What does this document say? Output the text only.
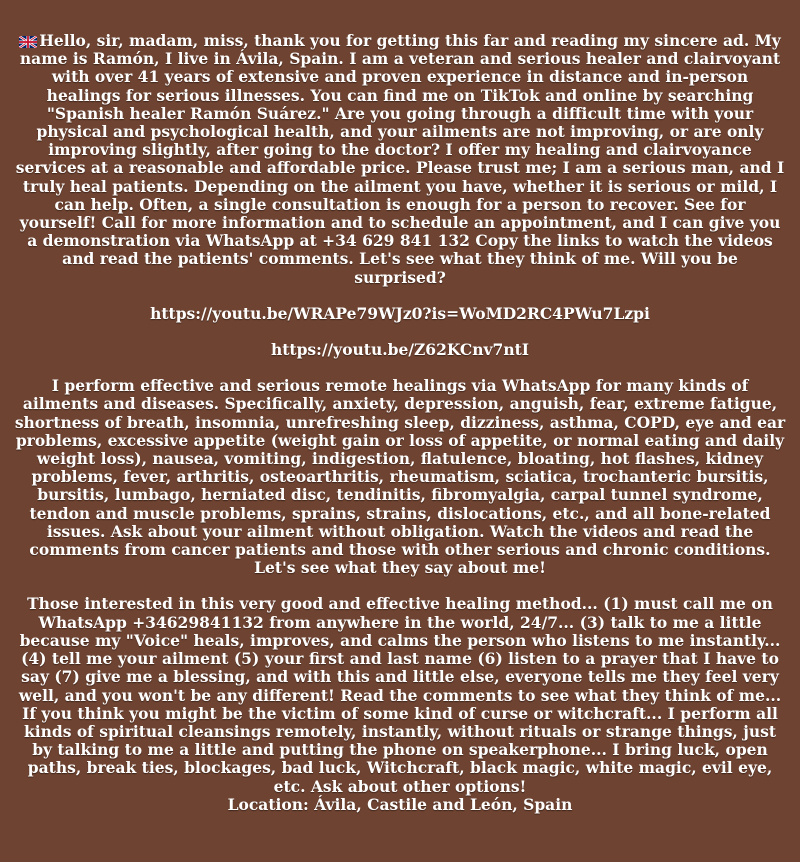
Hello, sir, madam, miss, thank you for getting this far and reading my sincere ad. My name is Ramón, I live in Ávila, Spain. I am a veteran and serious healer and clairvoyant with over 41 years of extensive and proven experience in distance and in-person healings for serious illnesses. You can find me on TikTok and online by searching "Spanish healer Ramón Suárez." Are you going through a difficult time with your physical and psychological health, and your ailments are not improving, or are only improving slightly, after going to the doctor? I offer my healing and clairvoyance services at a reasonable and affordable price. Please trust me; I am a serious man, and I truly heal patients. Depending on the ailment you have, whether it is serious or mild, I can help. Often, a single consultation is enough for a person to recover. See for yourself! Call for more information and to schedule an appointment, and I can give you a demonstration via WhatsApp at +34 629 841 132 Copy the links to watch the videos and read the patients' comments. Let's see what they think of me. Will you be surprised?

https://youtu.be/WRAPe79WJz0?is=WoMD2RC4PWu7Lzpi

https://youtu.be/Z62KCnv7ntI

I perform effective and serious remote healings via WhatsApp for many kinds of ailments and diseases. Specifically, anxiety, depression, anguish, fear, extreme fatigue, shortness of breath, insomnia, unrefreshing sleep, dizziness, asthma, COPD, eye and ear problems, excessive appetite (weight gain or loss of appetite, or normal eating and daily weight loss), nausea, vomiting, indigestion, flatulence, bloating, hot flashes, kidney problems, fever, arthritis, osteoarthritis, rheumatism, sciatica, trochanteric bursitis, bursitis, lumbago, herniated disc, tendinitis, fibromyalgia, carpal tunnel syndrome, tendon and muscle problems, sprains, strains, dislocations, etc., and all bone-related issues. Ask about your ailment without obligation. Watch the videos and read the comments from cancer patients and those with other serious and chronic conditions. Let's see what they say about me!

Those interested in this very good and effective healing method... (1) must call me on WhatsApp +34629841132 from anywhere in the world, 24/7... (3) talk to me a little because my "Voice" heals, improves, and calms the person who listens to me instantly... (4) tell me your ailment (5) your first and last name (6) listen to a prayer that I have to say (7) give me a blessing, and with this and little else, everyone tells me they feel very well, and you won't be any different! Read the comments to see what they think of me... If you think you might be the victim of some kind of curse or witchcraft... I perform all kinds of spiritual cleansings remotely, instantly, without rituals or strange things, just by talking to me a little and putting the phone on speakerphone... I bring luck, open paths, break ties, blockages, bad luck, Witchcraft, black magic, white magic, evil eye, etc. Ask about other options!
Location: Ávila, Castile and León, Spain
